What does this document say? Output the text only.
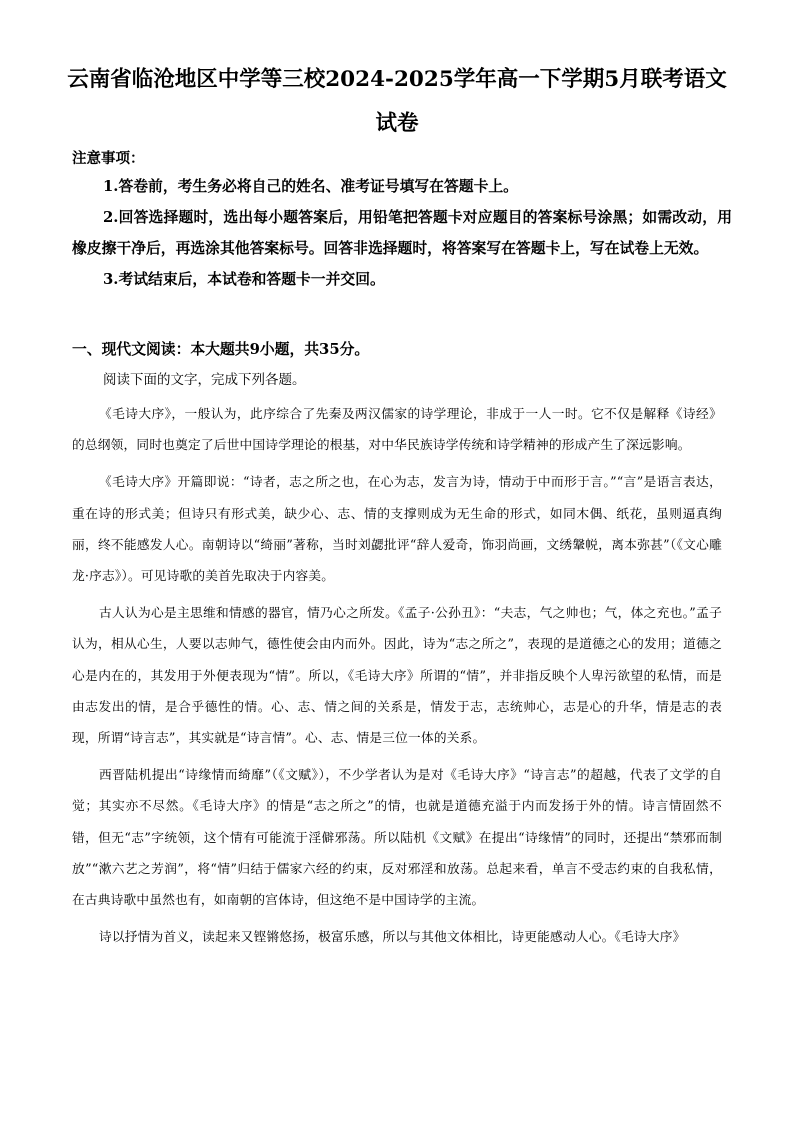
云南省临沧地区中学等三校2024-2025学年高一下学期5月联考语文
试卷
注意事项：

1.答卷前，考生务必将自己的姓名、准考证号填写在答题卡上。

2.回答选择题时，选出每小题答案后，用铅笔把答题卡对应题目的答案标号涂黑；如需改动，用橡皮擦干净后，再选涂其他答案标号。回答非选择题时，将答案写在答题卡上，写在试卷上无效。

3.考试结束后，本试卷和答题卡一并交回。

一、现代文阅读：本大题共9小题，共35分。
阅读下面的文字，完成下列各题。

《毛诗大序》，一般认为，此序综合了先秦及两汉儒家的诗学理论，非成于一人一时。它不仅是解释《诗经》的总纲领，同时也奠定了后世中国诗学理论的根基，对中华民族诗学传统和诗学精神的形成产生了深远影响。

《毛诗大序》开篇即说：“诗者，志之所之也，在心为志，发言为诗，情动于中而形于言。”“言”是语言表达，重在诗的形式美；但诗只有形式美，缺少心、志、情的支撑则成为无生命的形式，如同木偶、纸花，虽则逼真绚丽，终不能感发人心。南朝诗以“绮丽”著称，当时刘勰批评“辞人爱奇，饰羽尚画，文绣鞶帨，离本弥甚”（《文心雕龙·序志》）。可见诗歌的美首先取决于内容美。

古人认为心是主思维和情感的器官，情乃心之所发。《孟子·公孙丑》：“夫志，气之帅也；气，体之充也。”孟子认为，相从心生，人要以志帅气，德性使会由内而外。因此，诗为“志之所之”，表现的是道德之心的发用；道德之心是内在的，其发用于外便表现为“情”。所以，《毛诗大序》所谓的“情”，并非指反映个人卑污欲望的私情，而是由志发出的情，是合乎德性的情。心、志、情之间的关系是，情发于志，志统帅心，志是心的升华，情是志的表现，所谓“诗言志”，其实就是“诗言情”。心、志、情是三位一体的关系。

西晋陆机提出“诗缘情而绮靡”（《文赋》），不少学者认为是对《毛诗大序》“诗言志”的超越，代表了文学的自觉；其实亦不尽然。《毛诗大序》的情是“志之所之”的情，也就是道德充溢于内而发扬于外的情。诗言情固然不错，但无“志”字统领，这个情有可能流于淫僻邪荡。所以陆机《文赋》在提出“诗缘情”的同时，还提出“禁邪而制放”“漱六艺之芳润”，将“情”归结于儒家六经的约束，反对邪淫和放荡。总起来看，单言不受志约束的自我私情，在古典诗歌中虽然也有，如南朝的宫体诗，但这绝不是中国诗学的主流。

诗以抒情为首义，读起来又铿锵悠扬，极富乐感，所以与其他文体相比，诗更能感动人心。《毛诗大序》
